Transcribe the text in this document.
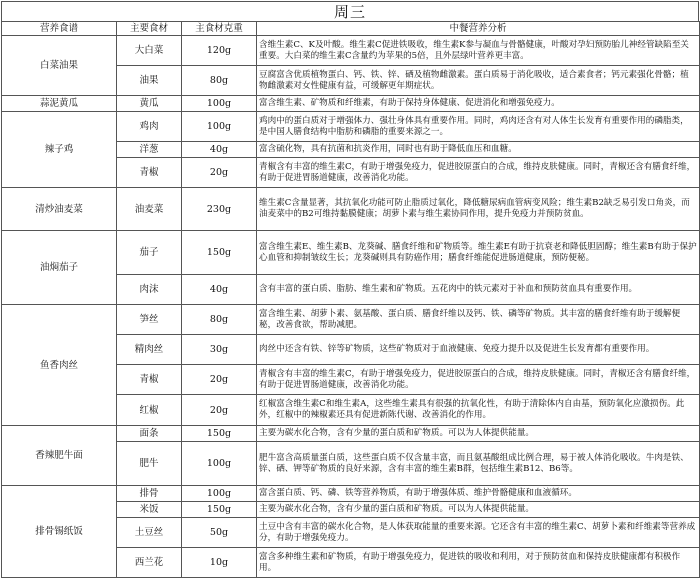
周三
营养食谱	主要食材	主食材克重	中餐营养分析
白菜油果	大白菜	120g	含维生素C、K及叶酸。维生素C促进铁吸收，维生素K参与凝血与骨骼健康，叶酸对孕妇预防胎儿神经管缺陷至关重要。大白菜的维生素C含量约为苹果的5倍，且外层绿叶营养更丰富。
	油果	80g	豆腐富含优质植物蛋白、钙、铁、锌、硒及植物雌激素。蛋白质易于消化吸收，适合素食者；钙元素强化骨骼；植物雌激素对女性健康有益，可缓解更年期症状。
蒜泥黄瓜	黄瓜	100g	富含维生素、矿物质和纤维素，有助于保持身体健康、促进消化和增强免疫力。
辣子鸡	鸡肉	100g	鸡肉中的蛋白质对于增强体力、强壮身体具有重要作用。同时，鸡肉还含有对人体生长发育有重要作用的磷脂类，是中国人膳食结构中脂肪和磷脂的重要来源之一。
	洋葱	40g	富含硫化物，具有抗菌和抗炎作用，同时也有助于降低血压和血糖。
	青椒	20g	青椒含有丰富的维生素C，有助于增强免疫力，促进胶原蛋白的合成，维持皮肤健康。同时，青椒还含有膳食纤维，有助于促进胃肠道健康，改善消化功能。
清炒油麦菜	油麦菜	230g	维生素C含量显著，其抗氧化功能可防止脂质过氧化，降低糖尿病血管病变风险；维生素B2缺乏易引发口角炎，而油麦菜中的B2可维持黏膜健康；胡萝卜素与维生素协同作用，提升免疫力并预防贫血。
油焖茄子	茄子	150g	富含维生素E、维生素B、龙葵碱、膳食纤维和矿物质等。维生素E有助于抗衰老和降低胆固醇；维生素B有助于保护心血管和抑制皱纹生长；龙葵碱则具有防癌作用；膳食纤维能促进肠道健康，预防便秘。
	肉沫	40g	含有丰富的蛋白质、脂肪、维生素和矿物质。五花肉中的铁元素对于补血和预防贫血具有重要作用。
鱼香肉丝	笋丝	80g	富含维生素、胡萝卜素、氨基酸、蛋白质、膳食纤维以及钙、铁、磷等矿物质。其丰富的膳食纤维有助于缓解便秘，改善食欲，帮助减肥。
	精肉丝	30g	肉丝中还含有铁、锌等矿物质，这些矿物质对于血液健康、免疫力提升以及促进生长发育都有重要作用。
	青椒	20g	青椒含有丰富的维生素C，有助于增强免疫力，促进胶原蛋白的合成，维持皮肤健康。同时，青椒还含有膳食纤维，有助于促进胃肠道健康，改善消化功能。
	红椒	20g	红椒富含维生素C和维生素A，这些维生素具有很强的抗氧化性，有助于清除体内自由基，预防氧化应激损伤。此外，红椒中的辣椒素还具有促进新陈代谢、改善消化的作用。
香辣肥牛面	面条	150g	主要为碳水化合物，含有少量的蛋白质和矿物质。可以为人体提供能量。
	肥牛	100g	肥牛富含高质量蛋白质，这些蛋白质不仅含量丰富，而且氨基酸组成比例合理，易于被人体消化吸收。牛肉是铁、锌、硒、钾等矿物质的良好来源，含有丰富的维生素B群，包括维生素B12、B6等。
排骨锡纸饭	排骨	100g	富含蛋白质、钙、磷、铁等营养物质，有助于增强体质、维护骨骼健康和血液循环。
	米饭	150g	主要为碳水化合物，含有少量的蛋白质和矿物质。可以为人体提供能量。
	土豆丝	50g	土豆中含有丰富的碳水化合物，是人体获取能量的重要来源。它还含有丰富的维生素C、胡萝卜素和纤维素等营养成分，有助于增强免疫力。
	西兰花	10g	富含多种维生素和矿物质，有助于增强免疫力，促进铁的吸收和利用，对于预防贫血和保持皮肤健康都有积极作用。
